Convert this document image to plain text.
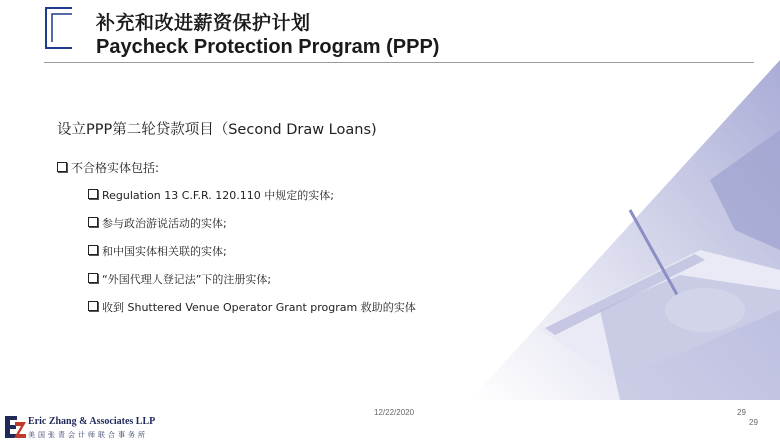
补充和改进薪资保护计划
Paycheck Protection Program (PPP)
设立PPP第二轮贷款项目（Second Draw Loans)
不合格实体包括:
Regulation 13 C.F.R. 120.110 中规定的实体;
参与政治游说活动的实体;
和中国实体相关联的实体;
“外国代理人登记法”下的注册实体;
收到 Shuttered Venue Operator Grant program 救助的实体
12/22/2020	29
29
Eric Zhang & Associates LLP
美国张青会计师联合事务所
